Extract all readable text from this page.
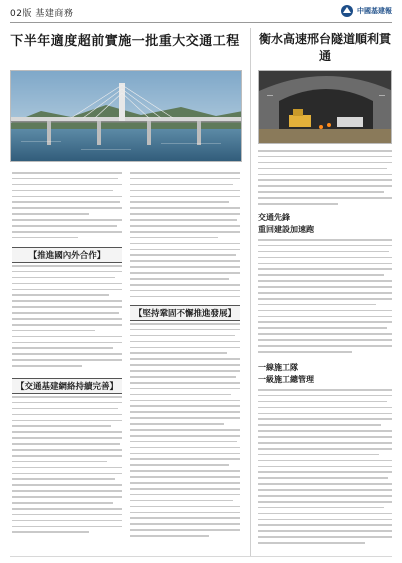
02版 基建商務	中國基建報
下半年適度超前實施一批重大交通工程 衡水高速邢台隧道順利貫通
【推進國內外合作】
【交通基建網絡持續完善】
【堅持鞏固不懈推進發展】
交通先鋒
重回建設加速跑
一線施工隊
一級施工總管理
